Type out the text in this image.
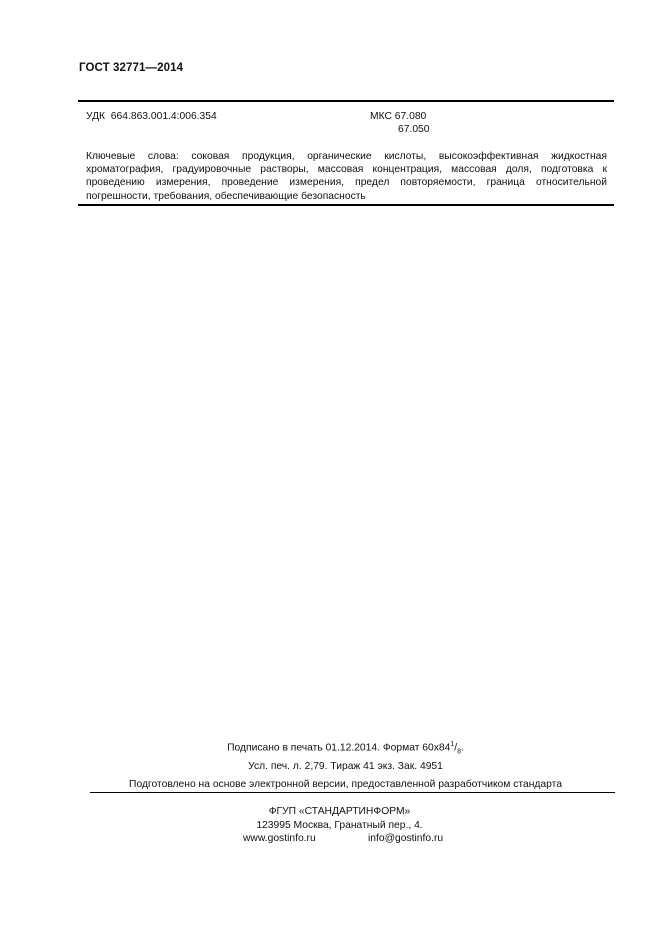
ГОСТ 32771—2014
УДК 664.863.001.4:006.354	МКС 67.080
67.050
Ключевые слова: соковая продукция, органические кислоты, высокоэффективная жидкостная хроматография, градуировочные растворы, массовая концентрация, массовая доля, подготовка к проведению измерения, проведение измерения, предел повторяемости, граница относительной погрешности, требования, обеспечивающие безопасность
Подписано в печать 01.12.2014. Формат $60x84^1/_8$.
Усл. печ. л. 2,79. Тираж 41 экз. Зак. 4951
Подготовлено на основе электронной версии, предоставленной разработчиком стандарта
ФГУП «СТАНДАРТИНФОРМ»
123995 Москва, Гранатный пер., 4.
www.gostinfo.ru	info@gostinfo.ru
